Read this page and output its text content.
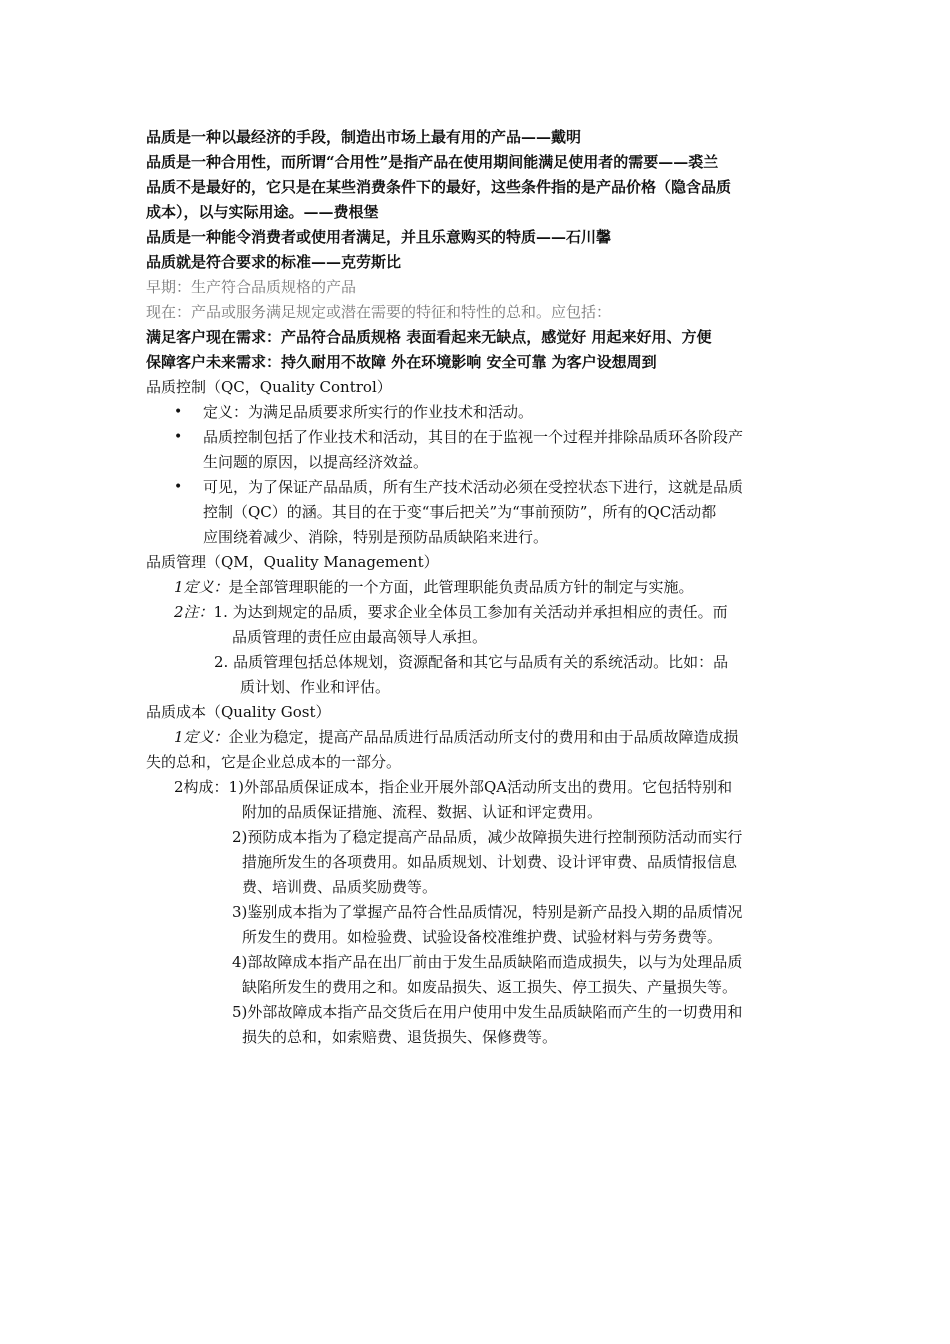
品质是一种以最经济的手段，制造出市场上最有用的产品——戴明
品质是一种合用性，而所谓“合用性”是指产品在使用期间能满足使用者的需要——裘兰
品质不是最好的，它只是在某些消费条件下的最好，这些条件指的是产品价格（隐含品质
成本），以与实际用途。——费根堡
品质是一种能令消费者或使用者满足，并且乐意购买的特质——石川馨
品质就是符合要求的标准——克劳斯比
早期：生产符合品质规格的产品
现在：产品或服务满足规定或潜在需要的特征和特性的总和。应包括：
满足客户现在需求：产品符合品质规格 表面看起来无缺点，感觉好 用起来好用、方便
保障客户未来需求：持久耐用不故障 外在环境影响 安全可靠 为客户设想周到
品质控制（QC，Quality Control）
• 定义：为满足品质要求所实行的作业技术和活动。
• 品质控制包括了作业技术和活动，其目的在于监视一个过程并排除品质环各阶段产
生问题的原因，以提高经济效益。
• 可见，为了保证产品品质，所有生产技术活动必须在受控状态下进行，这就是品质
控制（QC）的涵。其目的在于变“事后把关”为“事前预防”，所有的QC活动都
应围绕着减少、消除，特别是预防品质缺陷来进行。
品质管理（QM，Quality Management）
1定义：是全部管理职能的一个方面，此管理职能负责品质方针的制定与实施。
2注：1. 为达到规定的品质，要求企业全体员工参加有关活动并承担相应的责任。而
品质管理的责任应由最高领导人承担。
2. 品质管理包括总体规划，资源配备和其它与品质有关的系统活动。比如：品
质计划、作业和评估。
品质成本（Quality Gost）
1定义：企业为稳定，提高产品品质进行品质活动所支付的费用和由于品质故障造成损
失的总和，它是企业总成本的一部分。
2构成：1)外部品质保证成本，指企业开展外部QA活动所支出的费用。它包括特别和
附加的品质保证措施、流程、数据、认证和评定费用。
2)预防成本指为了稳定提高产品品质，减少故障损失进行控制预防活动而实行
措施所发生的各项费用。如品质规划、计划费、设计评审费、品质情报信息
费、培训费、品质奖励费等。
3)鉴别成本指为了掌握产品符合性品质情况，特别是新产品投入期的品质情况
所发生的费用。如检验费、试验设备校准维护费、试验材料与劳务费等。
4)部故障成本指产品在出厂前由于发生品质缺陷而造成损失，以与为处理品质
缺陷所发生的费用之和。如废品损失、返工损失、停工损失、产量损失等。
5)外部故障成本指产品交货后在用户使用中发生品质缺陷而产生的一切费用和
损失的总和，如索赔费、退货损失、保修费等。
